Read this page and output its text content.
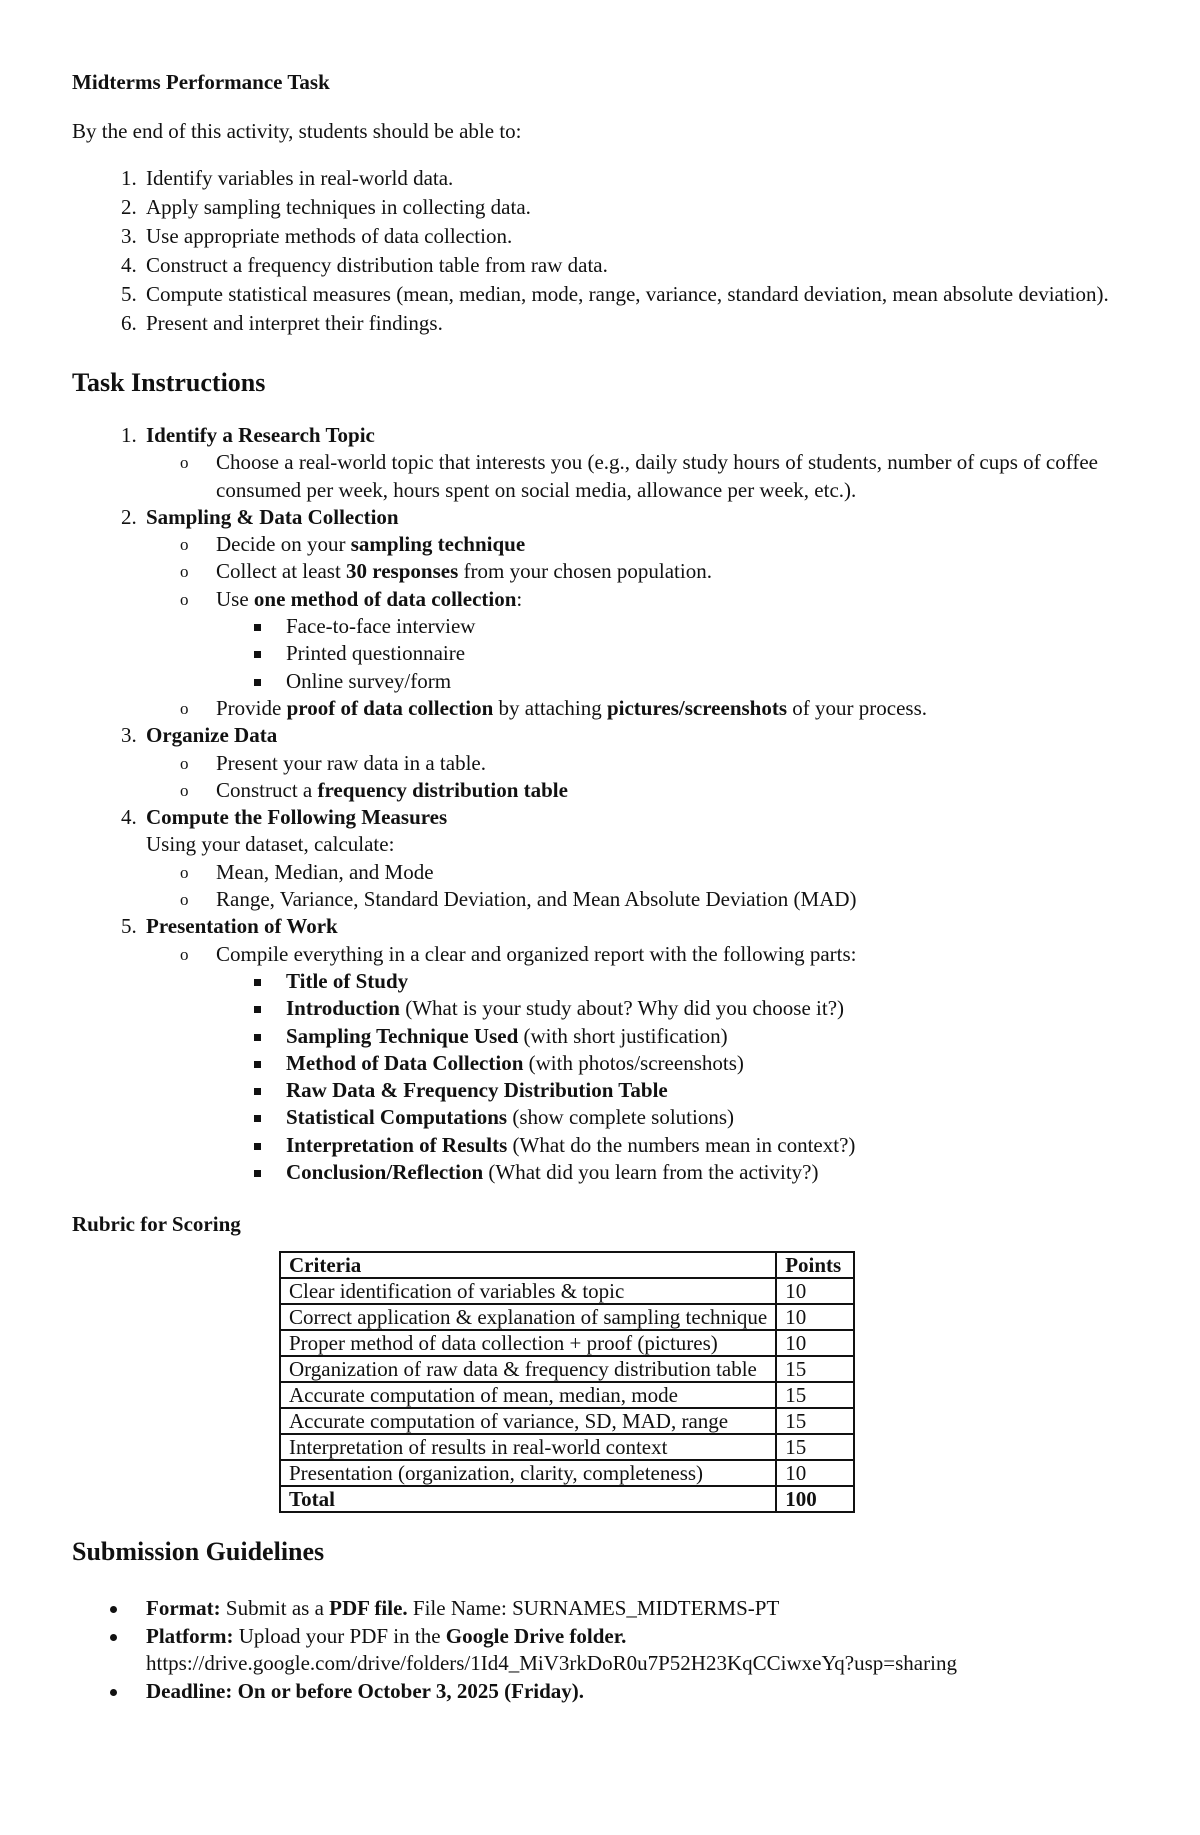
Midterms Performance Task
By the end of this activity, students should be able to:
1. Identify variables in real-world data.
2. Apply sampling techniques in collecting data.
3. Use appropriate methods of data collection.
4. Construct a frequency distribution table from raw data.
5. Compute statistical measures (mean, median, mode, range, variance, standard deviation, mean absolute deviation).
6. Present and interpret their findings.
Task Instructions
1. Identify a Research Topic
o Choose a real-world topic that interests you (e.g., daily study hours of students, number of cups of coffee consumed per week, hours spent on social media, allowance per week, etc.).
2. Sampling & Data Collection
o Decide on your sampling technique
o Collect at least 30 responses from your chosen population.
o Use one method of data collection:
Face-to-face interview
Printed questionnaire
Online survey/form
o Provide proof of data collection by attaching pictures/screenshots of your process.
3. Organize Data
o Present your raw data in a table.
o Construct a frequency distribution table
4. Compute the Following Measures
Using your dataset, calculate:
o Mean, Median, and Mode
o Range, Variance, Standard Deviation, and Mean Absolute Deviation (MAD)
5. Presentation of Work
o Compile everything in a clear and organized report with the following parts:
Title of Study
Introduction (What is your study about? Why did you choose it?)
Sampling Technique Used (with short justification)
Method of Data Collection (with photos/screenshots)
Raw Data & Frequency Distribution Table
Statistical Computations (show complete solutions)
Interpretation of Results (What do the numbers mean in context?)
Conclusion/Reflection (What did you learn from the activity?)
Rubric for Scoring
Criteria	Points
Clear identification of variables & topic	10
Correct application & explanation of sampling technique	10
Proper method of data collection + proof (pictures)	10
Organization of raw data & frequency distribution table	15
Accurate computation of mean, median, mode	15
Accurate computation of variance, SD, MAD, range	15
Interpretation of results in real-world context	15
Presentation (organization, clarity, completeness)	10
Total	100
Submission Guidelines
Format: Submit as a PDF file. File Name: SURNAMES_MIDTERMS-PT
Platform: Upload your PDF in the Google Drive folder.
https://drive.google.com/drive/folders/1Id4_MiV3rkDoR0u7P52H23KqCCiwxeYq?usp=sharing
Deadline: On or before October 3, 2025 (Friday).
